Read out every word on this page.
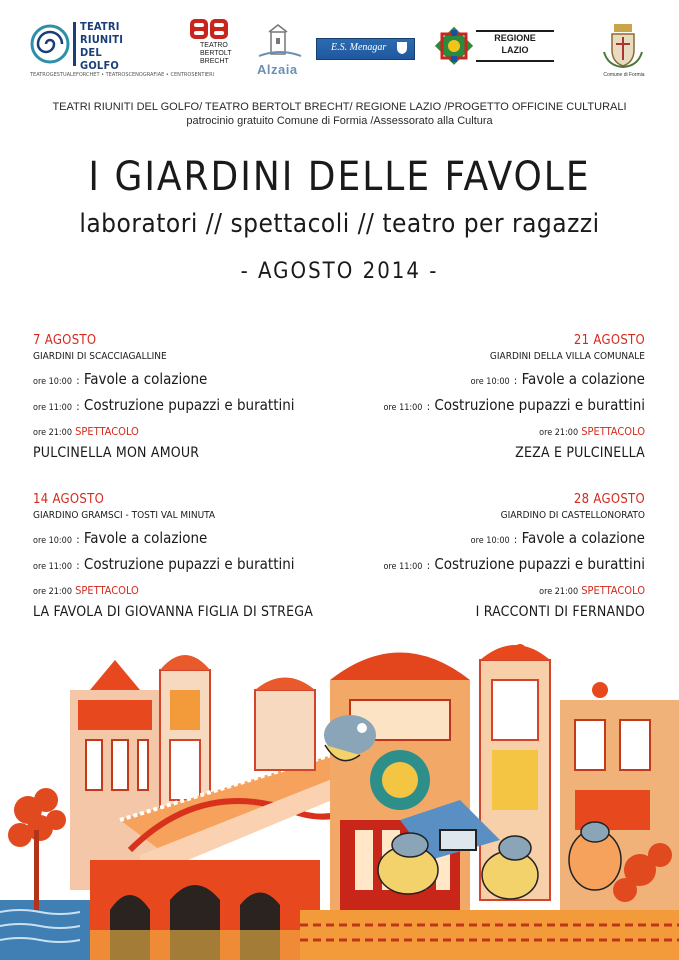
TEATRI
RIUNITI
DEL GOLFO
TEATROGESTUALEFORCHET • TEATROSCENOGRAFIAE • CENTROSENTIERI
TEATRO
BERTOLT
BRECHT
Alzaia
E.S. Menagar
REGIONE
LAZIO
Comune di Formia
TEATRI RIUNITI DEL GOLFO/ TEATRO BERTOLT BRECHT/ REGIONE LAZIO /PROGETTO OFFICINE CULTURALI
patrocinio gratuito Comune di Formia /Assessorato alla Cultura
I GIARDINI DELLE FAVOLE
laboratori // spettacoli // teatro per ragazzi
- AGOSTO 2014 -
7 AGOSTO
GIARDINI DI SCACCIAGALLINE
ore 10:00 : Favole a colazione
ore 11:00 : Costruzione pupazzi e burattini
ore 21:00 SPETTACOLO
PULCINELLA MON AMOUR
21 AGOSTO
GIARDINI DELLA VILLA COMUNALE
ore 10:00 : Favole a colazione
ore 11:00 : Costruzione pupazzi e burattini
ore 21:00 SPETTACOLO
ZEZA E PULCINELLA
14 AGOSTO
GIARDINO GRAMSCI - TOSTI VAL MINUTA
ore 10:00 : Favole a colazione
ore 11:00 : Costruzione pupazzi e burattini
ore 21:00 SPETTACOLO
LA FAVOLA DI GIOVANNA FIGLIA DI STREGA
28 AGOSTO
GIARDINO DI CASTELLONORATO
ore 10:00 : Favole a colazione
ore 11:00 : Costruzione pupazzi e burattini
ore 21:00 SPETTACOLO
I RACCONTI DI FERNANDO
